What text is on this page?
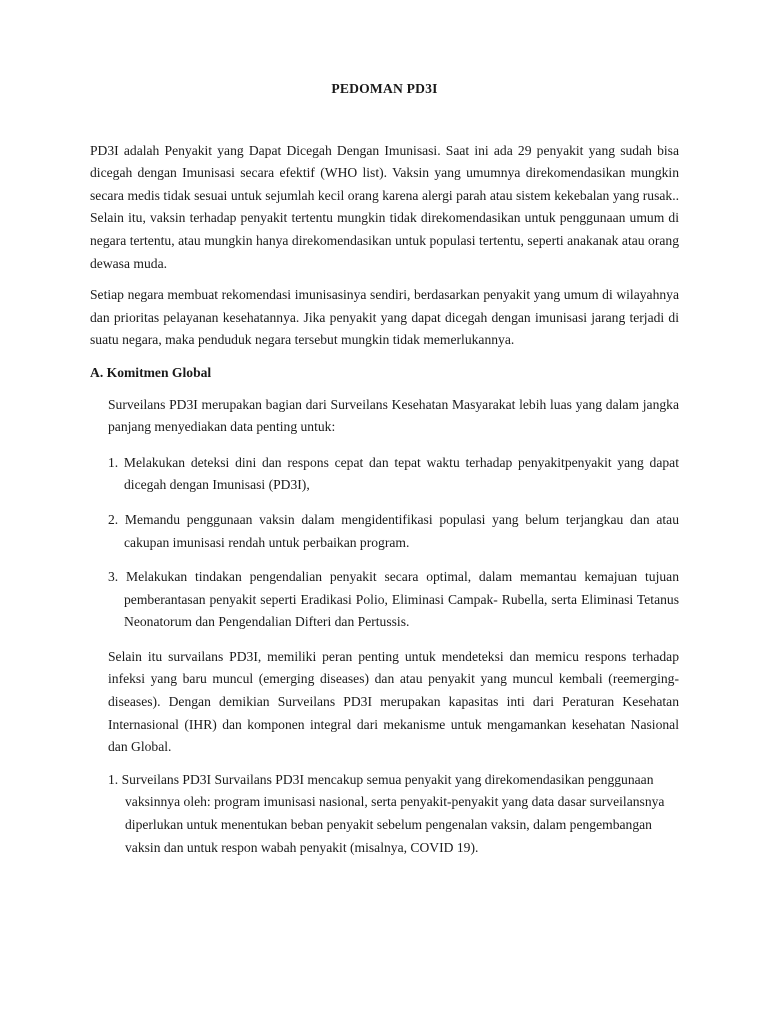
PEDOMAN PD3I

PD3I adalah Penyakit yang Dapat Dicegah Dengan Imunisasi. Saat ini ada 29 penyakit yang sudah bisa dicegah dengan Imunisasi secara efektif (WHO list). Vaksin yang umumnya direkomendasikan mungkin secara medis tidak sesuai untuk sejumlah kecil orang karena alergi parah atau sistem kekebalan yang rusak.. Selain itu, vaksin terhadap penyakit tertentu mungkin tidak direkomendasikan untuk penggunaan umum di negara tertentu, atau mungkin hanya direkomendasikan untuk populasi tertentu, seperti anakanak atau orang dewasa muda.

Setiap negara membuat rekomendasi imunisasinya sendiri, berdasarkan penyakit yang umum di wilayahnya dan prioritas pelayanan kesehatannya. Jika penyakit yang dapat dicegah dengan imunisasi jarang terjadi di suatu negara, maka penduduk negara tersebut mungkin tidak memerlukannya.

A. Komitmen Global

Surveilans PD3I merupakan bagian dari Surveilans Kesehatan Masyarakat lebih luas yang dalam jangka panjang menyediakan data penting untuk:

1. Melakukan deteksi dini dan respons cepat dan tepat waktu terhadap penyakitpenyakit yang dapat dicegah dengan Imunisasi (PD3I),
2. Memandu penggunaan vaksin dalam mengidentifikasi populasi yang belum terjangkau dan atau cakupan imunisasi rendah untuk perbaikan program.
3. Melakukan tindakan pengendalian penyakit secara optimal, dalam memantau kemajuan tujuan pemberantasan penyakit seperti Eradikasi Polio, Eliminasi Campak- Rubella, serta Eliminasi Tetanus Neonatorum dan Pengendalian Difteri dan Pertussis.

Selain itu survailans PD3I, memiliki peran penting untuk mendeteksi dan memicu respons terhadap infeksi yang baru muncul (emerging diseases) dan atau penyakit yang muncul kembali (reemerging-diseases). Dengan demikian Surveilans PD3I merupakan kapasitas inti dari Peraturan Kesehatan Internasional (IHR) dan komponen integral dari mekanisme untuk mengamankan kesehatan Nasional dan Global.

1. Surveilans PD3I Survailans PD3I mencakup semua penyakit yang direkomendasikan penggunaan vaksinnya oleh: program imunisasi nasional, serta penyakit-penyakit yang data dasar surveilansnya diperlukan untuk menentukan beban penyakit sebelum pengenalan vaksin, dalam pengembangan vaksin dan untuk respon wabah penyakit (misalnya, COVID 19).
